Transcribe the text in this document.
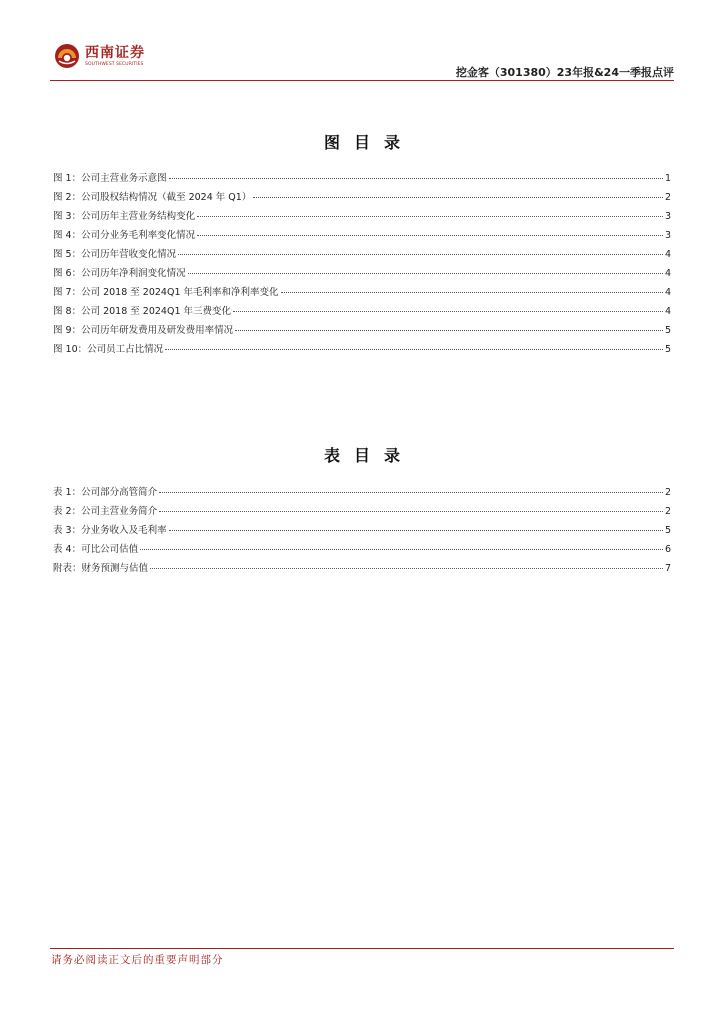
西南证券
SOUTHWEST SECURITIES
挖金客（301380）23年报&24一季报点评
图目录
图 1：公司主营业务示意图	1
图 2：公司股权结构情况（截至 2024 年 Q1）	2
图 3：公司历年主营业务结构变化	3
图 4：公司分业务毛利率变化情况	3
图 5：公司历年营收变化情况	4
图 6：公司历年净利润变化情况	4
图 7：公司 2018 至 2024Q1 年毛利率和净利率变化	4
图 8：公司 2018 至 2024Q1 年三费变化	4
图 9：公司历年研发费用及研发费用率情况	5
图 10：公司员工占比情况	5
表目录
表 1：公司部分高管简介	2
表 2：公司主营业务简介	2
表 3：分业务收入及毛利率	5
表 4：可比公司估值	6
附表：财务预测与估值	7
请务必阅读正文后的重要声明部分
